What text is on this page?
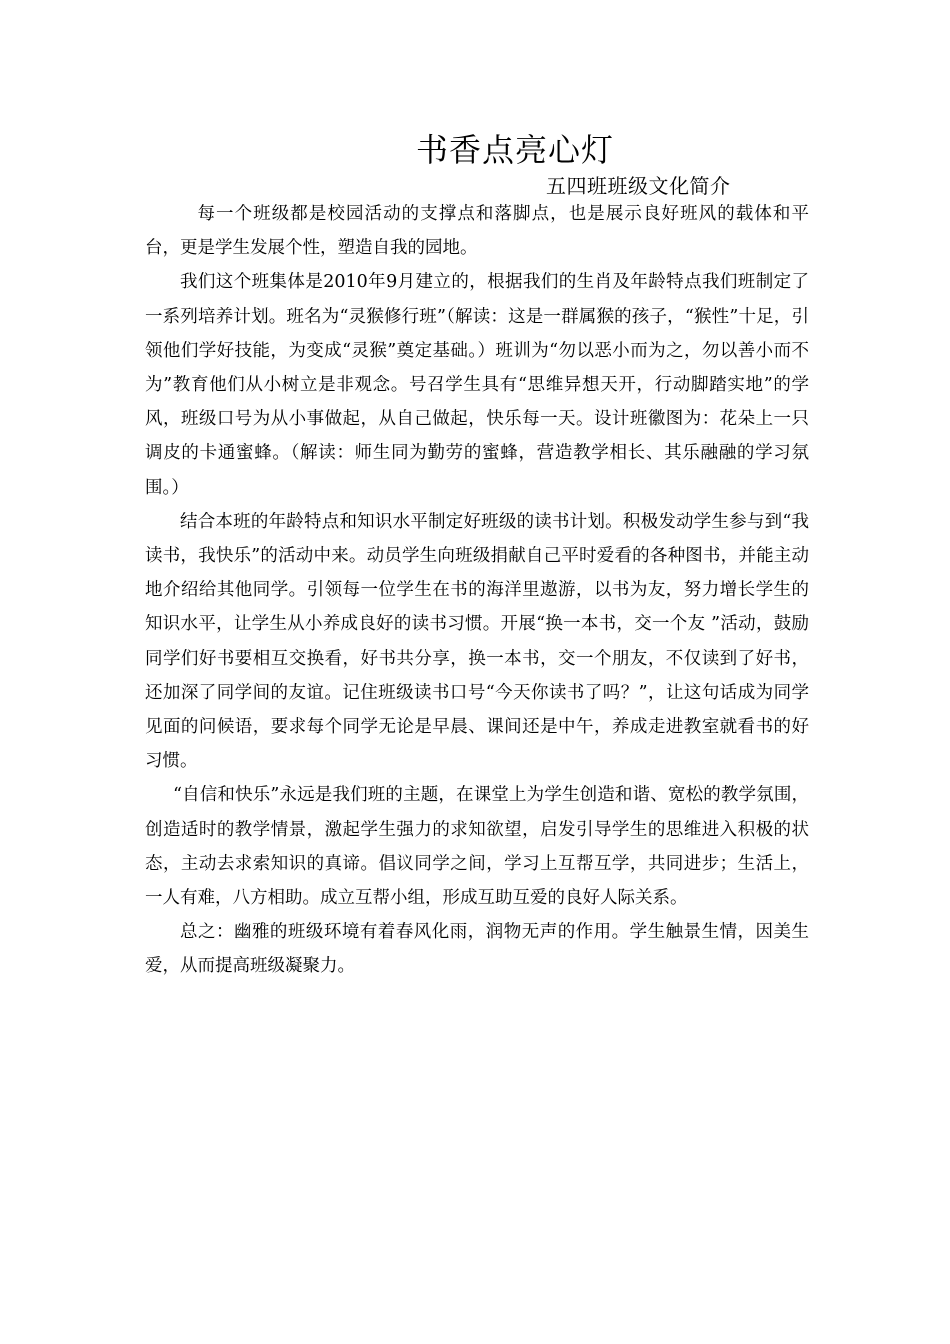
书香点亮心灯
五四班班级文化简介

每一个班级都是校园活动的支撑点和落脚点，也是展示良好班风的载体和平台，更是学生发展个性，塑造自我的园地。

我们这个班集体是2010年9月建立的，根据我们的生肖及年龄特点我们班制定了一系列培养计划。班名为“灵猴修行班”（解读：这是一群属猴的孩子，“猴性”十足，引领他们学好技能，为变成“灵猴”奠定基础。）班训为“勿以恶小而为之，勿以善小而不为”教育他们从小树立是非观念。号召学生具有“思维异想天开，行动脚踏实地”的学风，班级口号为从小事做起，从自己做起，快乐每一天。设计班徽图为：花朵上一只调皮的卡通蜜蜂。（解读：师生同为勤劳的蜜蜂，营造教学相长、其乐融融的学习氛围。）

结合本班的年龄特点和知识水平制定好班级的读书计划。积极发动学生参与到“我读书，我快乐”的活动中来。动员学生向班级捐献自己平时爱看的各种图书，并能主动地介绍给其他同学。引领每一位学生在书的海洋里遨游，以书为友，努力增长学生的知识水平，让学生从小养成良好的读书习惯。开展“换一本书，交一个友 ”活动，鼓励同学们好书要相互交换看，好书共分享，换一本书，交一个朋友，不仅读到了好书，还加深了同学间的友谊。记住班级读书口号“今天你读书了吗？”，让这句话成为同学见面的问候语，要求每个同学无论是早晨、课间还是中午，养成走进教室就看书的好习惯。

“自信和快乐”永远是我们班的主题，在课堂上为学生创造和谐、宽松的教学氛围，创造适时的教学情景，激起学生强力的求知欲望，启发引导学生的思维进入积极的状态，主动去求索知识的真谛。倡议同学之间，学习上互帮互学，共同进步；生活上，一人有难，八方相助。成立互帮小组，形成互助互爱的良好人际关系。

总之：幽雅的班级环境有着春风化雨，润物无声的作用。学生触景生情，因美生爱，从而提高班级凝聚力。
